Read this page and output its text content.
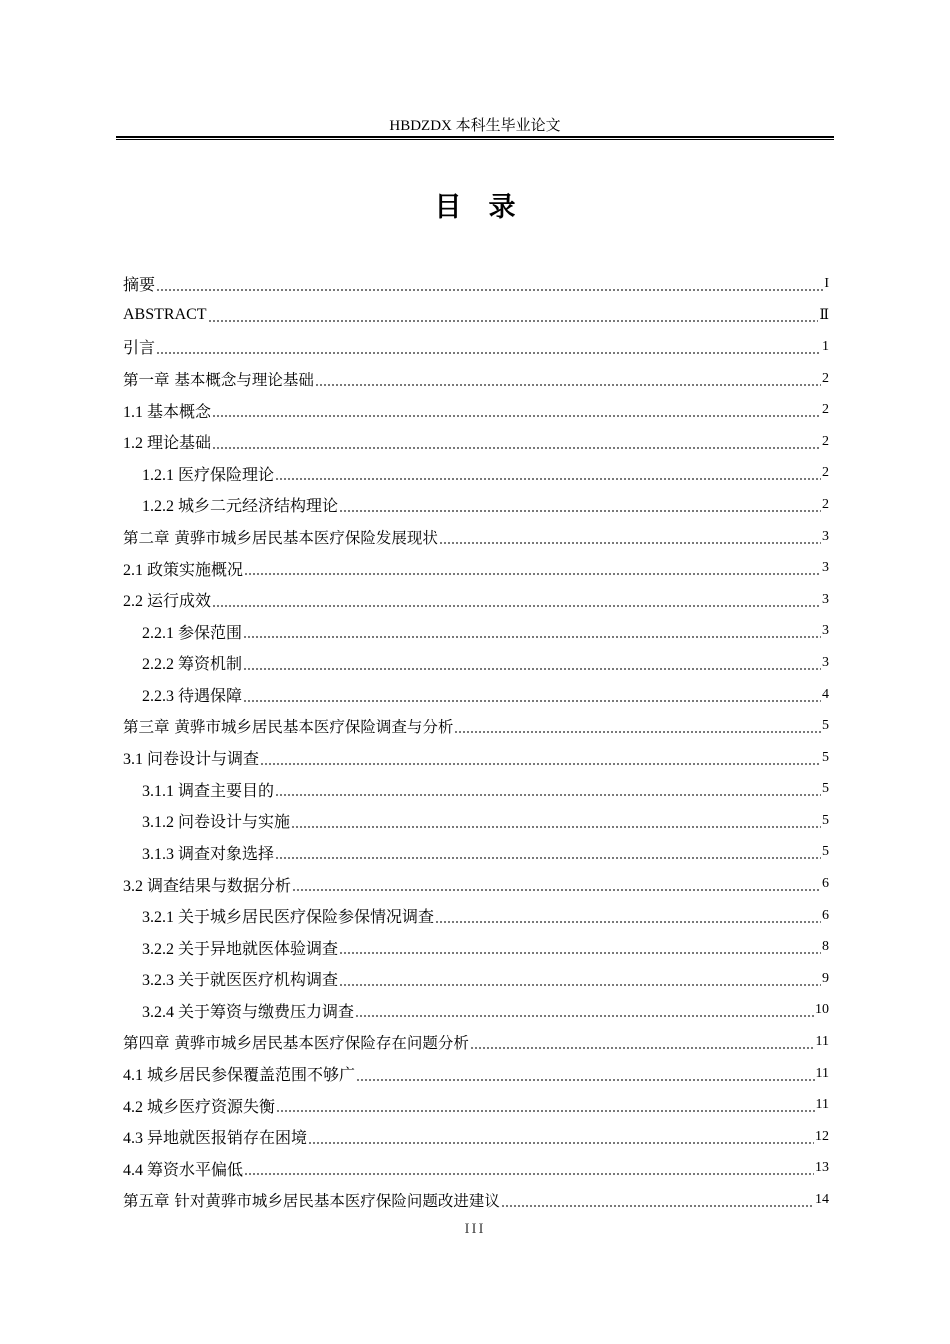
HBDZDX 本科生毕业论文
目　录
摘要	I
ABSTRACT	Ⅱ
引言	1
第一章 基本概念与理论基础	2
1.1 基本概念	2
1.2 理论基础	2
1.2.1 医疗保险理论	2
1.2.2 城乡二元经济结构理论	2
第二章 黄骅市城乡居民基本医疗保险发展现状	3
2.1 政策实施概况	3
2.2 运行成效	3
2.2.1 参保范围	3
2.2.2 筹资机制	3
2.2.3 待遇保障	4
第三章 黄骅市城乡居民基本医疗保险调查与分析	5
3.1 问卷设计与调查	5
3.1.1 调查主要目的	5
3.1.2 问卷设计与实施	5
3.1.3 调查对象选择	5
3.2 调查结果与数据分析	6
3.2.1 关于城乡居民医疗保险参保情况调查	6
3.2.2 关于异地就医体验调查	8
3.2.3 关于就医医疗机构调查	9
3.2.4 关于筹资与缴费压力调查	10
第四章 黄骅市城乡居民基本医疗保险存在问题分析	11
4.1 城乡居民参保覆盖范围不够广	11
4.2 城乡医疗资源失衡	11
4.3 异地就医报销存在困境	12
4.4 筹资水平偏低	13
第五章 针对黄骅市城乡居民基本医疗保险问题改进建议	14
III
